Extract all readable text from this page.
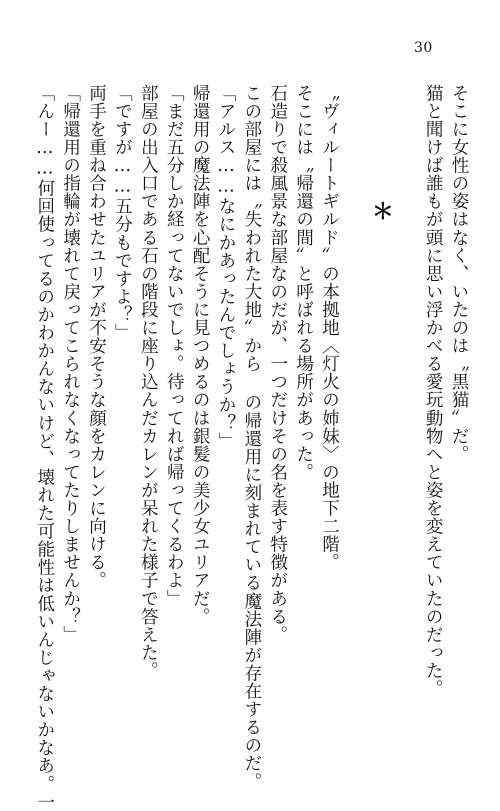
30
そこに女性の姿はなく、いたのは〝黒猫〟だ。
猫と聞けば誰もが頭に思い浮かべる愛玩動物へと姿を変えていたのだった。
＊
〝ヴィルートギルド〟の本拠地〈灯火の姉妹〉の地下二階。
そこには〝帰還の間〟と呼ばれる場所があった。
石造りで殺風景な部屋なのだが、一つだけその名を表す特徴がある。
この部屋には〝失われた大地〟から の帰還用に刻まれている魔法陣が存在するのだ。
「アルス……なにかあったんでしょうか？」
帰還用の魔法陣を心配そうに見つめるのは銀髪の美少女ユリアだ。
「まだ五分しか経ってないでしょ。待ってれば帰ってくるわよ」
部屋の出入口である石の階段に座り込んだカレンが呆れた様子で答えた。
「ですが……五分もですよ？」
両手を重ね合わせたユリアが不安そうな顔をカレンに向ける。
「帰還用の指輪が壊れて戻ってこられなくなってたりしませんか？」
「んー……何回使ってるのかわかんないけど、壊れた可能性は低いんじゃないかなあ。一
